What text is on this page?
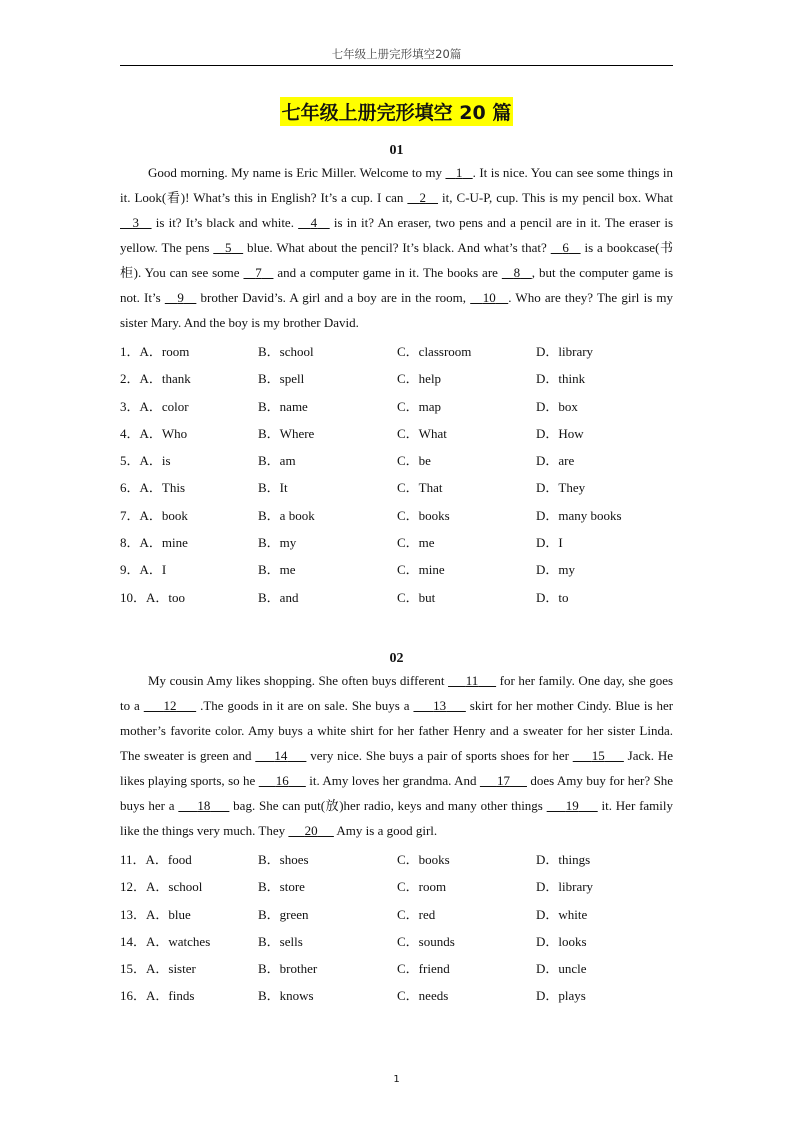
七年级上册完形填空20篇
七年级上册完形填空 20 篇
01

Good morning. My name is Eric Miller. Welcome to my    1 . It is nice. You can see some things in it. Look(看)! What’s this in English? It’s a cup. I can    2    it, C-U-P, cup. This is my pencil box. What    3    is it? It’s black and white.    4    is in it? An eraser, two pens and a pencil are in it. The eraser is yellow. The pens    5    blue. What about the pencil? It’s black. And what’s that?    6    is a bookcase(书柜). You can see some    7    and a computer game in it. The books are    8 , but the computer game is not. It’s    9    brother David’s. A girl and a boy are in the room,    10 . Who are they? The girl is my sister Mary. And the boy is my brother David.

1．A．room	B．school	C．classroom	D．library
2．A．thank	B．spell	C．help	D．think
3．A．color	B．name	C．map	D．box
4．A．Who	B．Where	C．What	D．How
5．A．is	B．am	C．be	D．are
6．A．This	B．It	C．That	D．They
7．A．book	B．a book	C．books	D．many books
8．A．mine	B．my	C．me	D．I
9．A．I	B．me	C．mine	D．my
10．A．too	B．and	C．but	D．to
02

My cousin Amy likes shopping. She often buys different      11      for her family. One day, she goes to a      12      .The goods in it are on sale. She buys a      13      skirt for her mother Cindy. Blue is her mother’s favorite color. Amy buys a white shirt for her father Henry and a sweater for her sister Linda. The sweater is green and      14      very nice. She buys a pair of sports shoes for her      15      Jack. He likes playing sports, so he      16      it. Amy loves her grandma. And      17      does Amy buy for her? She buys her a      18      bag. She can put(放)her radio, keys and many other things      19      it. Her family like the things very much. They      20      Amy is a good girl.

11．A．food	B．shoes	C．books	D．things
12．A．school	B．store	C．room	D．library
13．A．blue	B．green	C．red	D．white
14．A．watches	B．sells	C．sounds	D．looks
15．A．sister	B．brother	C．friend	D．uncle
16．A．finds	B．knows	C．needs	D．plays
1
